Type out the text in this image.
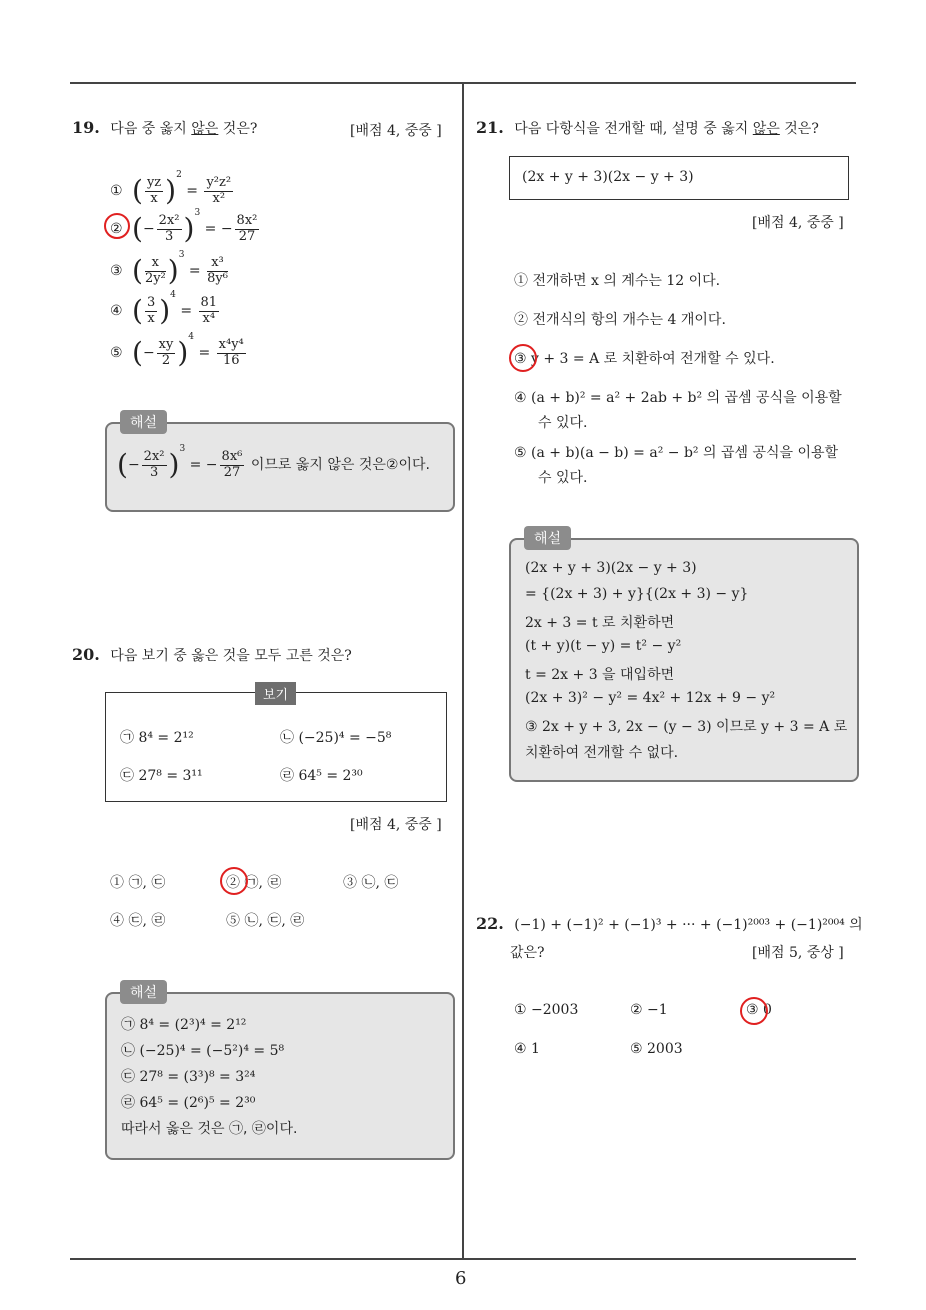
6
19. 다음 중 옳지 않은 것은?	[배점 4, 중중 ]
① ( $\frac{yz}{x} )^2 = \frac{\text{y²z²}}{\text{x²}}$
② (− $\frac{\text{2x²}}{3} )^3$ = − $\frac{\text{8x²}}{27}$
③ ( $\frac{x}{\text{2y²}} )^3 = \frac{\text{x³}}{\text{8y⁶}}$
④ ( $\frac{3}{x} )^4 = \frac{81}{\text{x⁴}}$
⑤ (− $\frac{xy}{2} )^4 = \frac{\text{x⁴y⁴}}{16}$
(− $\frac{\text{2x²}}{3} )^3$ = − $\frac{\text{8x⁶}}{27}$ 이므로 옳지 않은 것은②이다.
해설
20. 다음 보기 중 옳은 것을 모두 고른 것은?
㉠ 8⁴ = 2¹²	㉡ (−25)⁴ = −5⁸
㉢ 27⁸ = 3¹¹	㉣ 64⁵ = 2³⁰
보기
[배점 4, 중중 ]
① ㉠, ㉢	② ㉠, ㉣	③ ㉡, ㉢
④ ㉢, ㉣	⑤ ㉡, ㉢, ㉣
㉠ 8⁴ = (2³)⁴ = 2¹²
㉡ (−25)⁴ = (−5²)⁴ = 5⁸
㉢ 27⁸ = (3³)⁸ = 3²⁴
㉣ 64⁵ = (2⁶)⁵ = 2³⁰
따라서 옳은 것은 ㉠, ㉣이다.
해설
21. 다음 다항식을 전개할 때, 설명 중 옳지 않은 것은?
(2x + y + 3)(2x − y + 3)
[배점 4, 중중 ]
① 전개하면 x 의 계수는 12 이다.
② 전개식의 항의 개수는 4 개이다.
③ y + 3 = A 로 치환하여 전개할 수 있다.
④ (a + b)² = a² + 2ab + b² 의 곱셈 공식을 이용할
수 있다.
⑤ (a + b)(a − b) = a² − b² 의 곱셈 공식을 이용할
수 있다.
(2x + y + 3)(2x − y + 3)
= {(2x + 3) + y}{(2x + 3) − y}
2x + 3 = t 로 치환하면
(t + y)(t − y) = t² − y²
t = 2x + 3 을 대입하면
(2x + 3)² − y² = 4x² + 12x + 9 − y²
③ 2x + y + 3, 2x − (y − 3) 이므로 y + 3 = A 로
치환하여 전개할 수 없다.
해설
22. (−1) + (−1)² + (−1)³ + ··· + (−1)²⁰⁰³ + (−1)²⁰⁰⁴ 의
값은?	[배점 5, 중상 ]
① −2003	② −1	③ 0
④ 1	⑤ 2003
